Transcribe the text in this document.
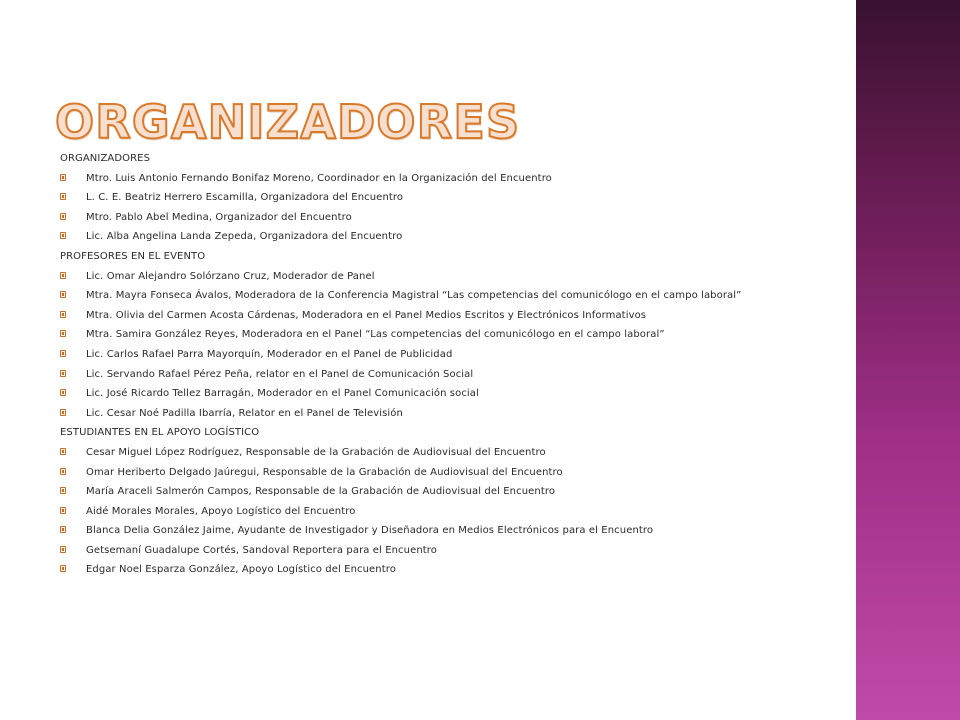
ORGANIZADORES
ORGANIZADORES
Mtro. Luis Antonio Fernando Bonifaz Moreno, Coordinador en la Organización del Encuentro
L. C. E. Beatriz Herrero Escamilla, Organizadora del Encuentro
Mtro. Pablo Abel Medina, Organizador del Encuentro
Lic. Alba Angelina Landa Zepeda, Organizadora del Encuentro
PROFESORES EN EL EVENTO
Lic. Omar Alejandro Solórzano Cruz, Moderador de Panel
Mtra. Mayra Fonseca Ávalos, Moderadora de la Conferencia Magistral “Las competencias del comunicólogo en el campo laboral”
Mtra. Olivia del Carmen Acosta Cárdenas, Moderadora en el Panel Medios Escritos y Electrónicos Informativos
Mtra. Samira González Reyes, Moderadora en el Panel “Las competencias del comunicólogo en el campo laboral”
Lic. Carlos Rafael Parra Mayorquín, Moderador en el Panel de Publicidad
Lic. Servando Rafael Pérez Peña, relator en el Panel de Comunicación Social
Lic. José Ricardo Tellez Barragán, Moderador en el Panel Comunicación social
Lic. Cesar Noé Padilla Ibarría, Relator en el Panel de Televisión
ESTUDIANTES EN EL APOYO LOGÍSTICO
Cesar Miguel López Rodríguez, Responsable de la Grabación de Audiovisual del Encuentro
Omar Heriberto Delgado Jaúregui, Responsable de la Grabación de Audiovisual del Encuentro
María Araceli Salmerón Campos, Responsable de la Grabación de Audiovisual del Encuentro
Aidé Morales Morales, Apoyo Logístico del Encuentro
Blanca Delia González Jaime, Ayudante de Investigador y Diseñadora en Medios Electrónicos para el Encuentro
Getsemaní Guadalupe Cortés, Sandoval Reportera para el Encuentro
Edgar Noel Esparza González, Apoyo Logístico del Encuentro
